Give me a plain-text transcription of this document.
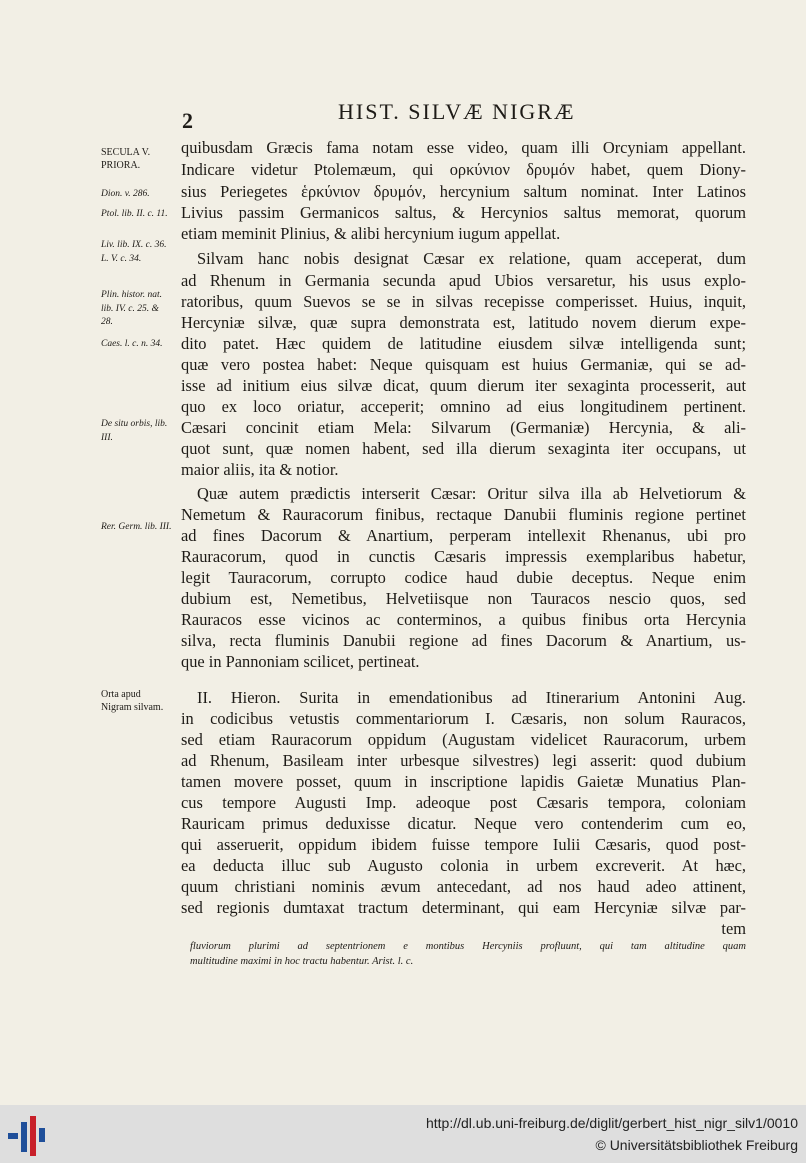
2	HIST. SILVÆ NIGRÆ
SECULA V. PRIORA.
Dion. v. 286.
Ptol. lib. II. c. 11.
Liv. lib. IX. c. 36. L. V. c. 34.
Plin. histor. nat. lib. IV. c. 25. & 28.
Caes. l. c. n. 34.
De situ orbis, lib. III.
Rer. Germ. lib. III.
Orta apud Nigram silvam.
quibusdam Græcis fama notam esse video, quam illi Orcyniam appellant.
Indicare videtur Ptolemæum, qui ορκύνιον δρυμόν habet, quem Diony-
sius Periegetes ἑρκύνιον δρυμόν, hercynium saltum nominat. Inter Latinos
Livius passim Germanicos saltus, & Hercynios saltus memorat, quorum
etiam meminit Plinius, & alibi hercynium iugum appellat.
Silvam hanc nobis designat Cæsar ex relatione, quam acceperat, dum
ad Rhenum in Germania secunda apud Ubios versaretur, his usus explo-
ratoribus, quum Suevos se se in silvas recepisse comperisset. Huius, inquit,
Hercyniæ silvæ, quæ supra demonstrata est, latitudo novem dierum expe-
dito patet. Hæc quidem de latitudine eiusdem silvæ intelligenda sunt;
quæ vero postea habet: Neque quisquam est huius Germaniæ, qui se ad-
isse ad initium eius silvæ dicat, quum dierum iter sexaginta processerit, aut
quo ex loco oriatur, acceperit; omnino ad eius longitudinem pertinent.
Cæsari concinit etiam Mela: Silvarum (Germaniæ) Hercynia, & ali-
quot sunt, quæ nomen habent, sed illa dierum sexaginta iter occupans, ut
maior aliis, ita & notior.
Quæ autem prædictis interserit Cæsar: Oritur silva illa ab Helvetiorum &
Nemetum & Rauracorum finibus, rectaque Danubii fluminis regione pertinet
ad fines Dacorum & Anartium, perperam intellexit Rhenanus, ubi pro
Rauracorum, quod in cunctis Cæsaris impressis exemplaribus habetur,
legit Tauracorum, corrupto codice haud dubie deceptus. Neque enim
dubium est, Nemetibus, Helvetiisque non Tauracos nescio quos, sed
Rauracos esse vicinos ac conterminos, a quibus finibus orta Hercynia
silva, recta fluminis Danubii regione ad fines Dacorum & Anartium, us-
que in Pannoniam scilicet, pertineat.
II. Hieron. Surita in emendationibus ad Itinerarium Antonini Aug.
in codicibus vetustis commentariorum I. Cæsaris, non solum Rauracos,
sed etiam Rauracorum oppidum (Augustam videlicet Rauracorum, urbem
ad Rhenum, Basileam inter urbesque silvestres) legi asserit: quod dubium
tamen movere posset, quum in inscriptione lapidis Gaietæ Munatius Plan-
cus tempore Augusti Imp. adeoque post Cæsaris tempora, coloniam
Rauricam primus deduxisse dicatur. Neque vero contenderim cum eo,
qui asseruerit, oppidum ibidem fuisse tempore Iulii Cæsaris, quod post-
ea deducta illuc sub Augusto colonia in urbem excreverit. At hæc,
quum christiani nominis ævum antecedant, ad nos haud adeo attinent,
sed regionis dumtaxat tractum determinant, qui eam Hercyniæ silvæ par-
tem
fluviorum plurimi ad septentrionem e montibus Hercyniis profluunt, qui tam altitudine quam
multitudine maximi in hoc tractu habentur. Arist. l. c.
http://dl.ub.uni-freiburg.de/diglit/gerbert_hist_nigr_silv1/0010
© Universitätsbibliothek Freiburg
